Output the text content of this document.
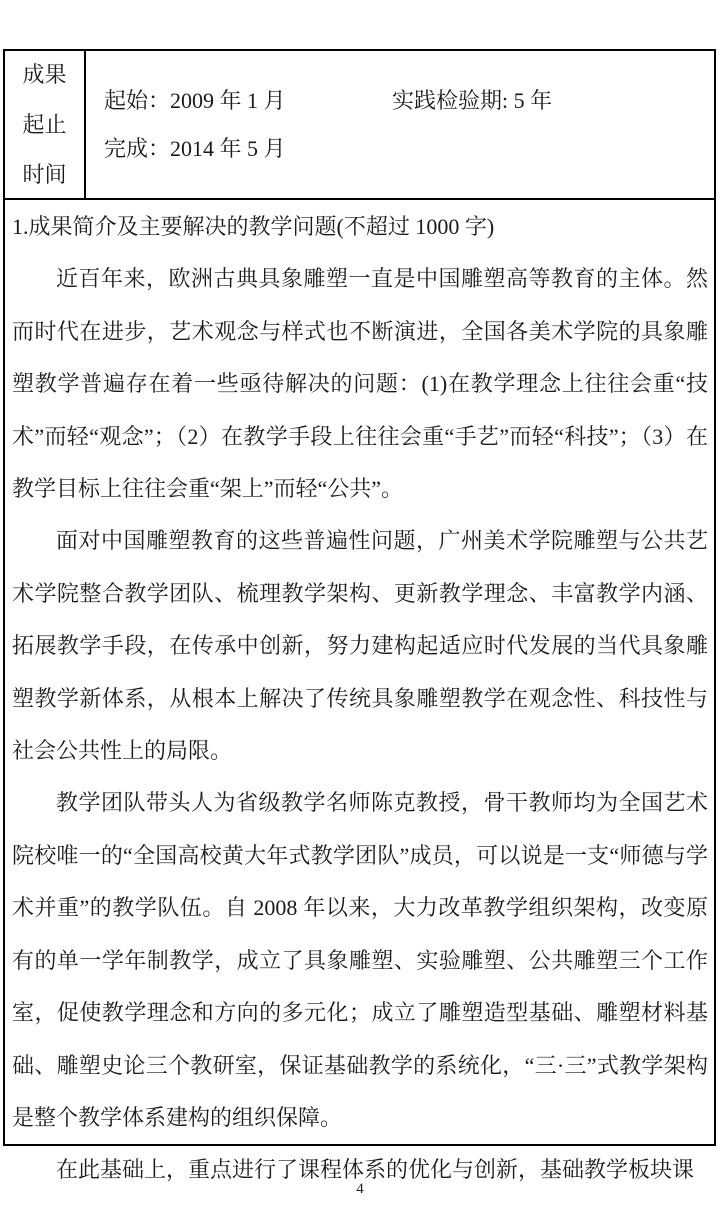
成果
起止
时间
起始：2009 年 1 月	实践检验期: 5 年
完成：2014 年 5 月
1.成果简介及主要解决的教学问题(不超过 1000 字)

近百年来，欧洲古典具象雕塑一直是中国雕塑高等教育的主体。然而时代在进步，艺术观念与样式也不断演进，全国各美术学院的具象雕塑教学普遍存在着一些亟待解决的问题：(1)在教学理念上往往会重“技术”而轻“观念”；（2）在教学手段上往往会重“手艺”而轻“科技”；（3）在教学目标上往往会重“架上”而轻“公共”。

面对中国雕塑教育的这些普遍性问题，广州美术学院雕塑与公共艺术学院整合教学团队、梳理教学架构、更新教学理念、丰富教学内涵、拓展教学手段，在传承中创新，努力建构起适应时代发展的当代具象雕塑教学新体系，从根本上解决了传统具象雕塑教学在观念性、科技性与社会公共性上的局限。

教学团队带头人为省级教学名师陈克教授，骨干教师均为全国艺术院校唯一的“全国高校黄大年式教学团队”成员，可以说是一支“师德与学术并重”的教学队伍。自 2008 年以来，大力改革教学组织架构，改变原有的单一学年制教学，成立了具象雕塑、实验雕塑、公共雕塑三个工作室，促使教学理念和方向的多元化；成立了雕塑造型基础、雕塑材料基础、雕塑史论三个教研室，保证基础教学的系统化，“三·三”式教学架构是整个教学体系建构的组织保障。

在此基础上，重点进行了课程体系的优化与创新，基础教学板块课

4
